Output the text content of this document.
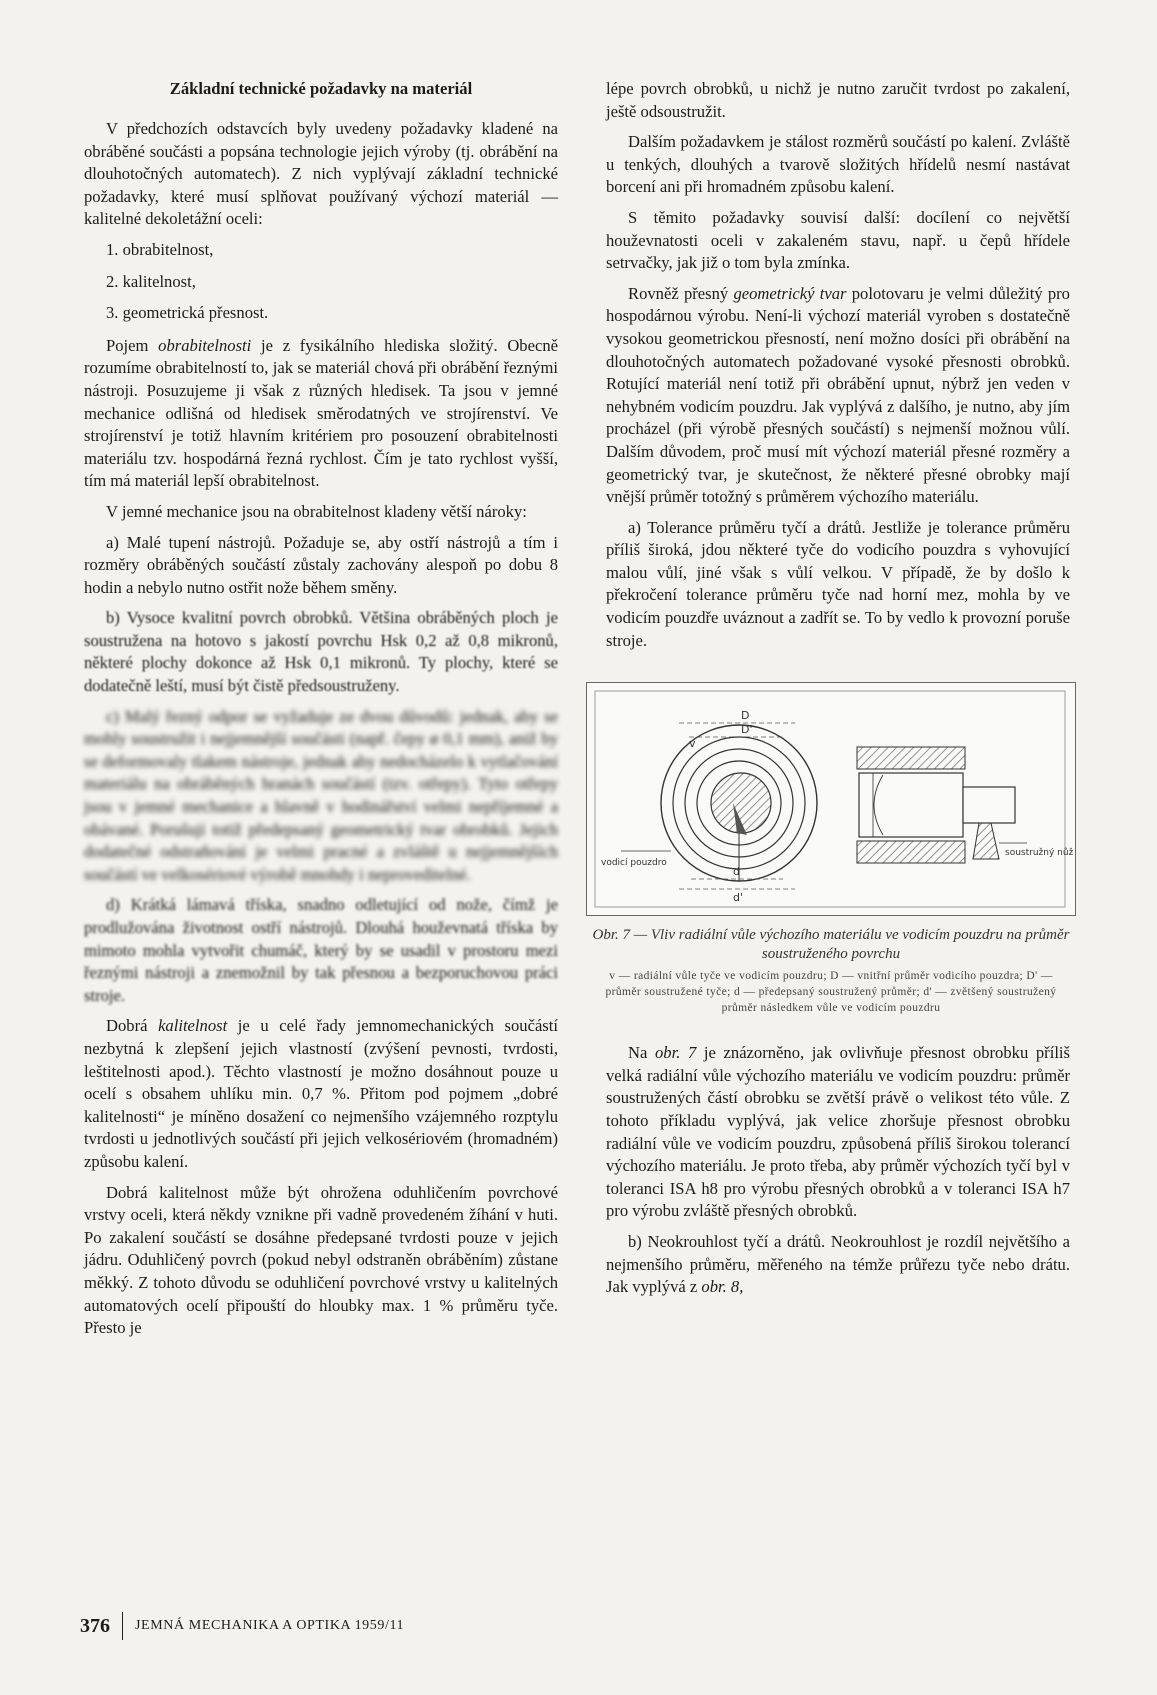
Základní technické požadavky na materiál

V předchozích odstavcích byly uvedeny požadavky kladené na obráběné součásti a popsána technologie jejich výroby (tj. obrábění na dlouhotočných automatech). Z nich vyplývají základní technické požadavky, které musí splňovat používaný výchozí materiál — kalitelné dekoletážní oceli:

1. obrabitelnost,
2. kalitelnost,
3. geometrická přesnost.

Pojem obrabitelnosti je z fysikálního hlediska složitý. Obecně rozumíme obrabitelností to, jak se materiál chová při obrábění řeznými nástroji. Posuzujeme ji však z různých hledisek. Ta jsou v jemné mechanice odlišná od hledisek směrodatných ve strojírenství. Ve strojírenství je totiž hlavním kritériem pro posouzení obrabitelnosti materiálu tzv. hospodárná řezná rychlost. Čím je tato rychlost vyšší, tím má materiál lepší obrabitelnost.

V jemné mechanice jsou na obrabitelnost kladeny větší nároky:

a) Malé tupení nástrojů. Požaduje se, aby ostří nástrojů a tím i rozměry obráběných součástí zůstaly zachovány alespoň po dobu 8 hodin a nebylo nutno ostřit nože během směny.

b) Vysoce kvalitní povrch obrobků. Většina obráběných ploch je soustružena na hotovo s jakostí povrchu Hsk 0,2 až 0,8 mikronů, některé plochy dokonce až Hsk 0,1 mikronů. Ty plochy, které se dodatečně leští, musí být čistě předsoustruženy.

c) Malý řezný odpor se vyžaduje ze dvou důvodů: jednak, aby se mohly soustružit i nejjemnější součásti (např. čepy ø 0,1 mm), aniž by se deformovaly tlakem nástroje, jednak aby nedocházelo k vytlačování materiálu na obráběných hranách součástí (tzv. otřepy). Tyto otřepy jsou v jemné mechanice a hlavně v hodinářství velmi nepříjemné a obávané. Porušují totiž předepsaný geometrický tvar obrobků. Jejich dodatečné odstraňování je velmi pracné a zvláště u nejjemnějších součástí ve velkosériové výrobě mnohdy i neproveditelné.

d) Krátká lámavá tříska, snadno odletující od nože, čímž je prodlužována životnost ostří nástrojů. Dlouhá houževnatá tříska by mimoto mohla vytvořit chumáč, který by se usadil v prostoru mezi řeznými nástroji a znemožnil by tak přesnou a bezporuchovou práci stroje.

Dobrá kalitelnost je u celé řady jemnomechanických součástí nezbytná k zlepšení jejich vlastností (zvýšení pevnosti, tvrdosti, leštitelnosti apod.). Těchto vlastností je možno dosáhnout pouze u ocelí s obsahem uhlíku min. 0,7 %. Přitom pod pojmem „dobré kalitelnosti“ je míněno dosažení co nejmenšího vzájemného rozptylu tvrdosti u jednotlivých součástí při jejich velkosériovém (hromadném) způsobu kalení.

Dobrá kalitelnost může být ohrožena oduhličením povrchové vrstvy oceli, která někdy vznikne při vadně provedeném žíhání v huti. Po zakalení součástí se dosáhne předepsané tvrdosti pouze v jejich jádru. Oduhličený povrch (pokud nebyl odstraněn obráběním) zůstane měkký. Z tohoto důvodu se oduhličení povrchové vrstvy u kalitelných automatových ocelí připouští do hloubky max. 1 % průměru tyče. Přesto je

lépe povrch obrobků, u nichž je nutno zaručit tvrdost po zakalení, ještě odsoustružit.

Dalším požadavkem je stálost rozměrů součástí po kalení. Zvláště u tenkých, dlouhých a tvarově složitých hřídelů nesmí nastávat borcení ani při hromadném způsobu kalení.

S těmito požadavky souvisí další: docílení co největší houževnatosti oceli v zakaleném stavu, např. u čepů hřídele setrvačky, jak již o tom byla zmínka.

Rovněž přesný geometrický tvar polotovaru je velmi důležitý pro hospodárnou výrobu. Není-li výchozí materiál vyroben s dostatečně vysokou geometrickou přesností, není možno dosíci při obrábění na dlouhotočných automatech požadované vysoké přesnosti obrobků. Rotující materiál není totiž při obrábění upnut, nýbrž jen veden v nehybném vodicím pouzdru. Jak vyplývá z dalšího, je nutno, aby jím procházel (při výrobě přesných součástí) s nejmenší možnou vůlí. Dalším důvodem, proč musí mít výchozí materiál přesné rozměry a geometrický tvar, je skutečnost, že některé přesné obrobky mají vnější průměr totožný s průměrem výchozího materiálu.

a) Tolerance průměru tyčí a drátů. Jestliže je tolerance průměru příliš široká, jdou některé tyče do vodicího pouzdra s vyhovující malou vůlí, jiné však s vůlí velkou. V případě, že by došlo k překročení tolerance průměru tyče nad horní mez, mohla by ve vodicím pouzdře uváznout a zadřít se. To by vedlo k provozní poruše stroje.

D
D'
v
d
d'
vodicí pouzdro
soustružný nůž
Obr. 7 — Vliv radiální vůle výchozího materiálu ve vodicím pouzdru na průměr soustruženého povrchu
v — radiální vůle tyče ve vodicím pouzdru; D — vnitřní průměr vodicího pouzdra; D' — průměr soustružené tyče; d — předepsaný soustružený průměr; d' — zvětšený soustružený průměr následkem vůle ve vodicím pouzdru

Na obr. 7 je znázorněno, jak ovlivňuje přesnost obrobku příliš velká radiální vůle výchozího materiálu ve vodicím pouzdru: průměr soustružených částí obrobku se zvětší právě o velikost této vůle. Z tohoto příkladu vyplývá, jak velice zhoršuje přesnost obrobku radiální vůle ve vodicím pouzdru, způsobená příliš širokou tolerancí výchozího materiálu. Je proto třeba, aby průměr výchozích tyčí byl v toleranci ISA h8 pro výrobu přesných obrobků a v toleranci ISA h7 pro výrobu zvláště přesných obrobků.

b) Neokrouhlost tyčí a drátů. Neokrouhlost je rozdíl největšího a nejmenšího průměru, měřeného na témže průřezu tyče nebo drátu. Jak vyplývá z obr. 8,

376 JEMNÁ MECHANIKA A OPTIKA 1959/11
